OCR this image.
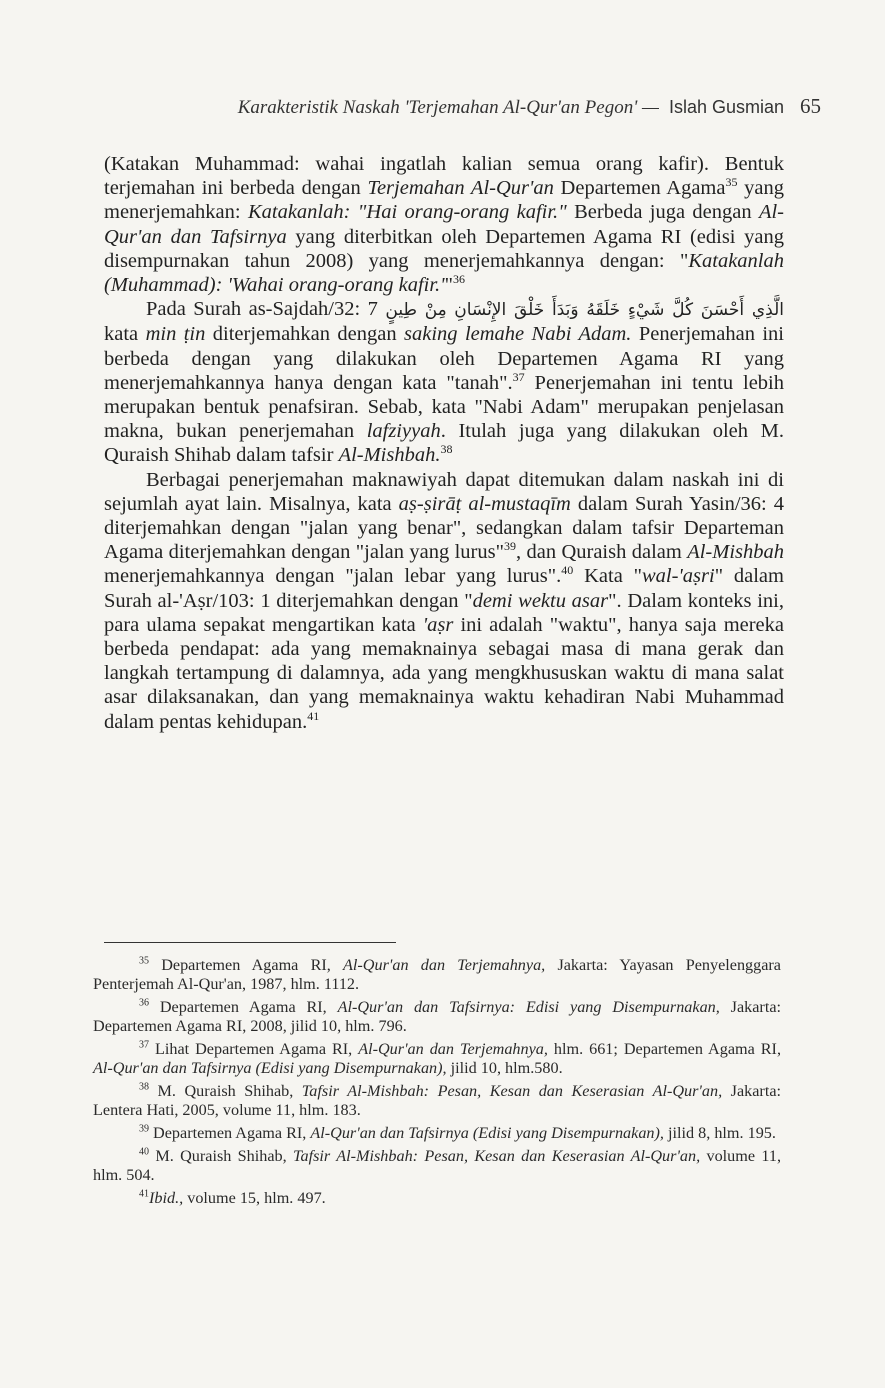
Karakteristik Naskah 'Terjemahan Al-Qur'an Pegon' — Islah Gusmian 65

(Katakan Muhammad: wahai ingatlah kalian semua orang kafir). Bentuk terjemahan ini berbeda dengan Terjemahan Al-Qur'an Departemen Agama$^{35}$ yang menerjemahkan: Katakanlah: "Hai orang-orang kafir." Berbeda juga dengan Al-Qur'an dan Tafsirnya yang diterbitkan oleh Departemen Agama RI (edisi yang disempurnakan tahun 2008) yang menerjemahkannya dengan: "Katakanlah (Muhammad): 'Wahai orang-orang kafir.'"$^{36}$

Pada Surah as-Sajdah/32: 7	الَّذِي أَحْسَنَ كُلَّ شَيْءٍ خَلَقَهُ وَبَدَأَ خَلْقَ الإِنْسَانِ مِنْ طِينٍ kata min ṭin diterjemahkan dengan saking lemahe Nabi Adam. Penerjemahan ini berbeda dengan yang dilakukan oleh Departemen Agama RI yang menerjemahkannya hanya dengan kata "tanah".$^{37}$ Penerjemahan ini tentu lebih merupakan bentuk penafsiran. Sebab, kata "Nabi Adam" merupakan penjelasan makna, bukan penerjemahan lafziyyah. Itulah juga yang dilakukan oleh M. Quraish Shihab dalam tafsir Al-Mishbah.$^{38}$

Berbagai penerjemahan maknawiyah dapat ditemukan dalam naskah ini di sejumlah ayat lain. Misalnya, kata aṣ-ṣirāṭ al-mustaqīm dalam Surah Yasin/36: 4 diterjemahkan dengan "jalan yang benar", sedangkan dalam tafsir Departeman Agama diterjemahkan dengan "jalan yang lurus"$^{39}$, dan Quraish dalam Al-Mishbah menerjemahkannya dengan "jalan lebar yang lurus".$^{40}$ Kata "wal-'aṣri" dalam Surah al-'Aṣr/103: 1 diterjemahkan dengan "demi wektu asar". Dalam konteks ini, para ulama sepakat mengartikan kata 'aṣr ini adalah "waktu", hanya saja mereka berbeda pendapat: ada yang memaknainya sebagai masa di mana gerak dan langkah tertampung di dalamnya, ada yang mengkhususkan waktu di mana salat asar dilaksanakan, dan yang memaknainya waktu kehadiran Nabi Muhammad dalam pentas kehidupan.$^{41}$

$^{35}$ Departemen Agama RI, Al-Qur'an dan Terjemahnya, Jakarta: Yayasan Penyelenggara Penterjemah Al-Qur'an, 1987, hlm. 1112.

$^{36}$ Departemen Agama RI, Al-Qur'an dan Tafsirnya: Edisi yang Disempurnakan, Jakarta: Departemen Agama RI, 2008, jilid 10, hlm. 796.

$^{37}$ Lihat Departemen Agama RI, Al-Qur'an dan Terjemahnya, hlm. 661; Departemen Agama RI, Al-Qur'an dan Tafsirnya (Edisi yang Disempurnakan), jilid 10, hlm.580.

$^{38}$ M. Quraish Shihab, Tafsir Al-Mishbah: Pesan, Kesan dan Keserasian Al-Qur'an, Jakarta: Lentera Hati, 2005, volume 11, hlm. 183.

$^{39}$ Departemen Agama RI, Al-Qur'an dan Tafsirnya (Edisi yang Disempurnakan), jilid 8, hlm. 195.

$^{40}$ M. Quraish Shihab, Tafsir Al-Mishbah: Pesan, Kesan dan Keserasian Al-Qur'an, volume 11, hlm. 504.

$^{41}$Ibid., volume 15, hlm. 497.
